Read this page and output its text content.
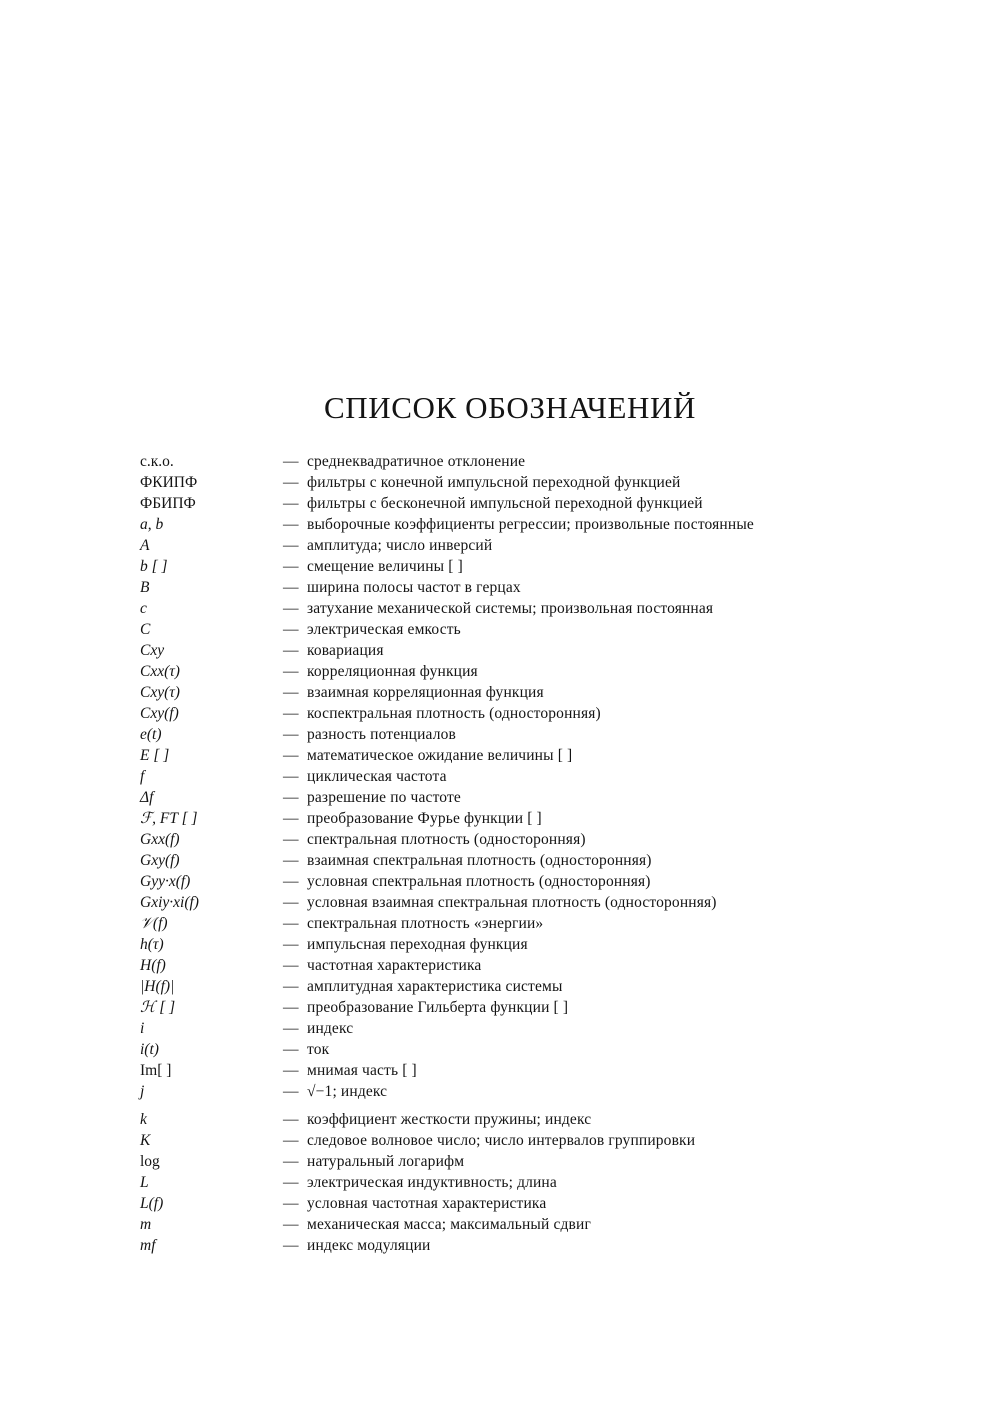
СПИСОК ОБОЗНАЧЕНИЙ
с.к.о.	— среднеквадратичное отклонение
ФКИПФ	— фильтры с конечной импульсной переходной функцией
ФБИПФ	— фильтры с бесконечной импульсной переходной функцией
a, b	— выборочные коэффициенты регрессии; произвольные постоянные
A	— амплитуда; число инверсий
b [ ]	— смещение величины [ ]
B	— ширина полосы частот в герцах
c	— затухание механической системы; произвольная постоянная
C	— электрическая емкость
Cxy	— ковариация
Cxx(τ)	— корреляционная функция
Cxy(τ)	— взаимная корреляционная функция
Cxy(f)	— коспектральная плотность (односторонняя)
e(t)	— разность потенциалов
E [ ]	— математическое ожидание величины [ ]
f	— циклическая частота
Δf	— разрешение по частоте
ℱ, FT [ ]	— преобразование Фурье функции [ ]
Gxx(f)	— спектральная плотность (односторонняя)
Gxy(f)	— взаимная спектральная плотность (односторонняя)
Gyy·x(f)	— условная спектральная плотность (односторонняя)
Gxiy·xi(f)	— условная взаимная спектральная плотность (односторонняя)
𝒱(f)	— спектральная плотность «энергии»
h(τ)	— импульсная переходная функция
H(f)	— частотная характеристика
|H(f)|	— амплитудная характеристика системы
ℋ [ ]	— преобразование Гильберта функции [ ]
i	— индекс
i(t)	— ток
Im[ ]	— мнимая часть [ ]
j	— √−1; индекс
k	— коэффициент жесткости пружины; индекс
K	— следовое волновое число; число интервалов группировки
log	— натуральный логарифм
L	— электрическая индуктивность; длина
L(f)	— условная частотная характеристика
m	— механическая масса; максимальный сдвиг
mf	— индекс модуляции
